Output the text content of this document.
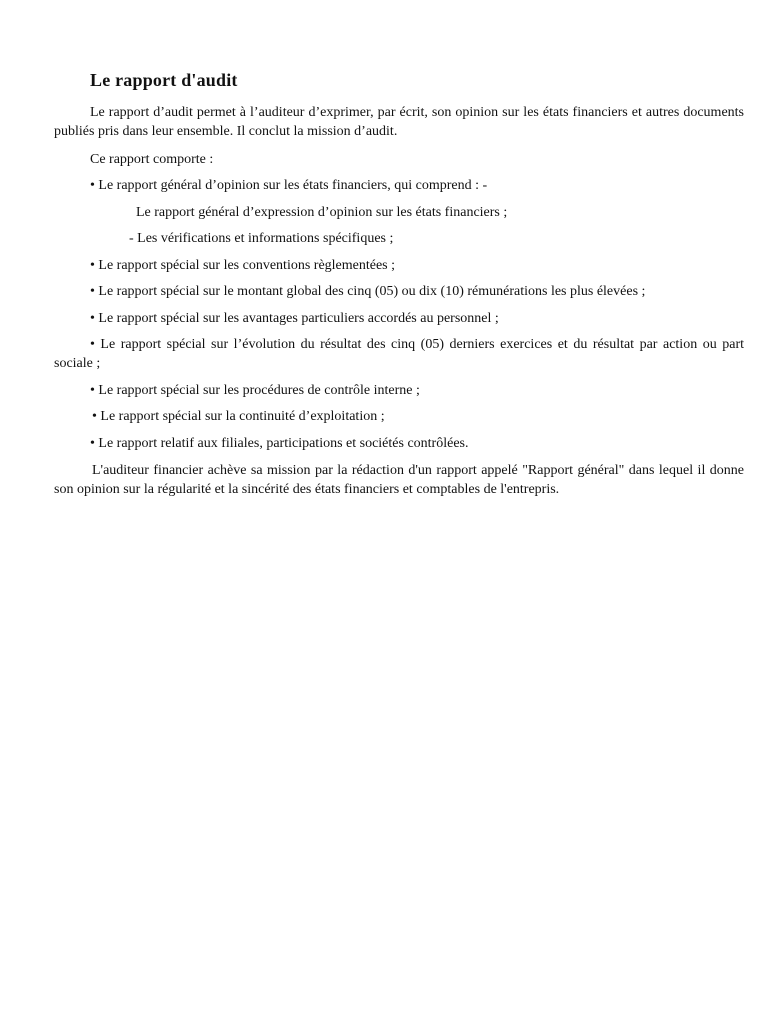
Le rapport d'audit

Le rapport d’audit permet à l’auditeur d’exprimer, par écrit, son opinion sur les états financiers et autres documents publiés pris dans leur ensemble. Il conclut la mission d’audit.

Ce rapport comporte :

• Le rapport général d’opinion sur les états financiers, qui comprend : -

Le rapport général d’expression d’opinion sur les états financiers ;

- Les vérifications et informations spécifiques ;

• Le rapport spécial sur les conventions règlementées ;

• Le rapport spécial sur le montant global des cinq (05) ou dix (10) rémunérations les plus élevées ;

• Le rapport spécial sur les avantages particuliers accordés au personnel ;

• Le rapport spécial sur l’évolution du résultat des cinq (05) derniers exercices et du résultat par action ou part sociale ;

• Le rapport spécial sur les procédures de contrôle interne ;

• Le rapport spécial sur la continuité d’exploitation ;

• Le rapport relatif aux filiales, participations et sociétés contrôlées.

L'auditeur financier achève sa mission par la rédaction d'un rapport appelé "Rapport général" dans lequel il donne son opinion sur la régularité et la sincérité des états financiers et comptables de l'entrepris.
